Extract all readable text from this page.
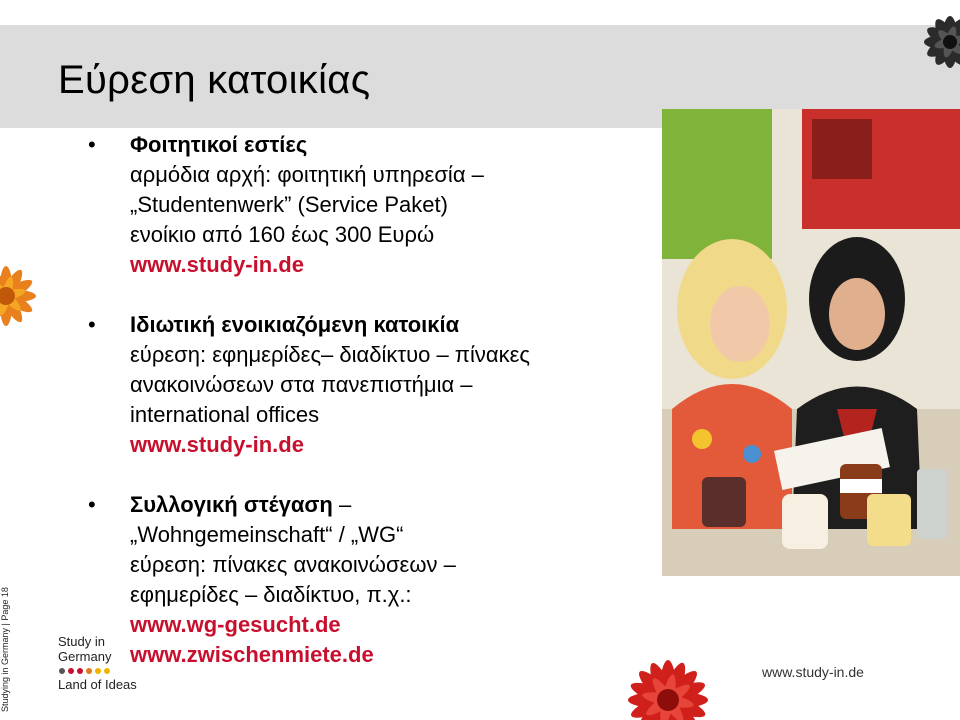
Εύρεση κατοικίας
• Φοιτητικοί εστίες
αρμόδια αρχή: φοιτητική υπηρεσία –
„Studentenwerk” (Service Paket)
ενοίκιο από 160 έως 300 Ευρώ
www.study-in.de
• Ιδιωτική ενοικιαζόμενη κατοικία
εύρεση: εφημερίδες– διαδίκτυο – πίνακες
ανακοινώσεων στα πανεπιστήμια –
international offices
www.study-in.de
• Συλλογική στέγαση –
„Wohngemeinschaft“ / „WG“
εύρεση: πίνακες ανακοινώσεων –
εφημερίδες – διαδίκτυο, π.χ.:
www.wg-gesucht.de
www.zwischenmiete.de
Studying in Germany | Page 18	Study in
Germany
Land of Ideas
www.study-in.de
